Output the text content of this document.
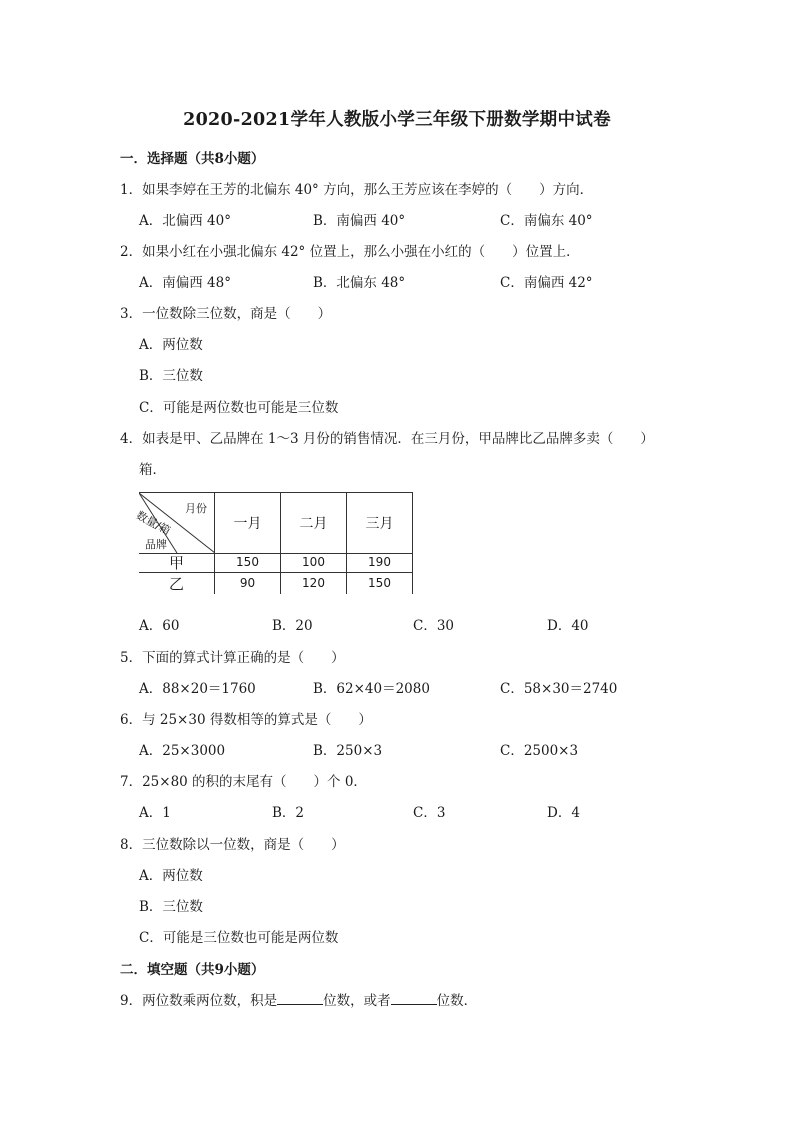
2020-2021学年人教版小学三年级下册数学期中试卷
一．选择题（共8小题）
1．如果李婷在王芳的北偏东 40° 方向，那么王芳应该在李婷的（　　）方向．
A．北偏西 40°	B．南偏西 40°	C．南偏东 40°
2．如果小红在小强北偏东 42° 位置上，那么小强在小红的（　　）位置上．
A．南偏西 48°	B．北偏东 48°	C．南偏西 42°
3．一位数除三位数，商是（　　）
A．两位数
B．三位数
C．可能是两位数也可能是三位数
4．如表是甲、乙品牌在 1～3 月份的销售情况．在三月份，甲品牌比乙品牌多卖（　　）
箱．
月份
数量/箱
品牌
一月	二月	三月
甲	150	100	190
乙	90	120	150
A．60	B．20	C．30	D．40
5．下面的算式计算正确的是（　　）
A．88×20＝1760	B．62×40＝2080	C．58×30＝2740
6．与 25×30 得数相等的算式是（　　）
A．25×3000	B．250×3	C．2500×3
7．25×80 的积的末尾有（　　）个 0．
A．1	B．2	C．3	D．4
8．三位数除以一位数，商是（　　）
A．两位数
B．三位数
C．可能是三位数也可能是两位数
二．填空题（共9小题）
9．两位数乘两位数，积是	位数，或者	位数．
